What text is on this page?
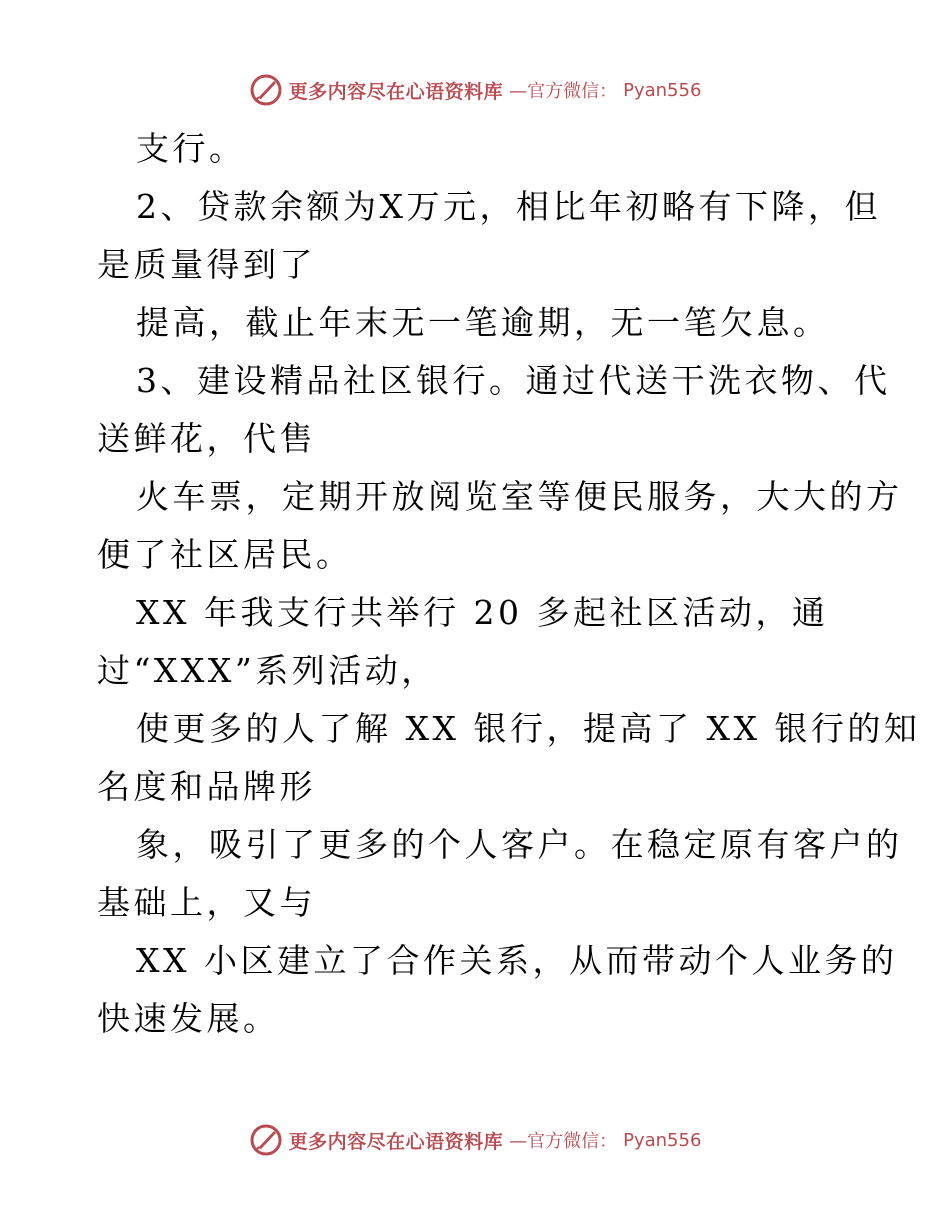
更多内容尽在心语资料库 —官方微信： Pyan556
支行。
2、贷款余额为X万元，相比年初略有下降，但
是质量得到了
提高，截止年末无一笔逾期，无一笔欠息。
3、建设精品社区银行。通过代送干洗衣物、代
送鲜花，代售
火车票，定期开放阅览室等便民服务，大大的方
便了社区居民。
XX 年我支行共举行 20 多起社区活动，通
过“XXX”系列活动，
使更多的人了解 XX 银行，提高了 XX 银行的知
名度和品牌形
象，吸引了更多的个人客户。在稳定原有客户的
基础上，又与
XX 小区建立了合作关系，从而带动个人业务的
快速发展。
更多内容尽在心语资料库 —官方微信： Pyan556
